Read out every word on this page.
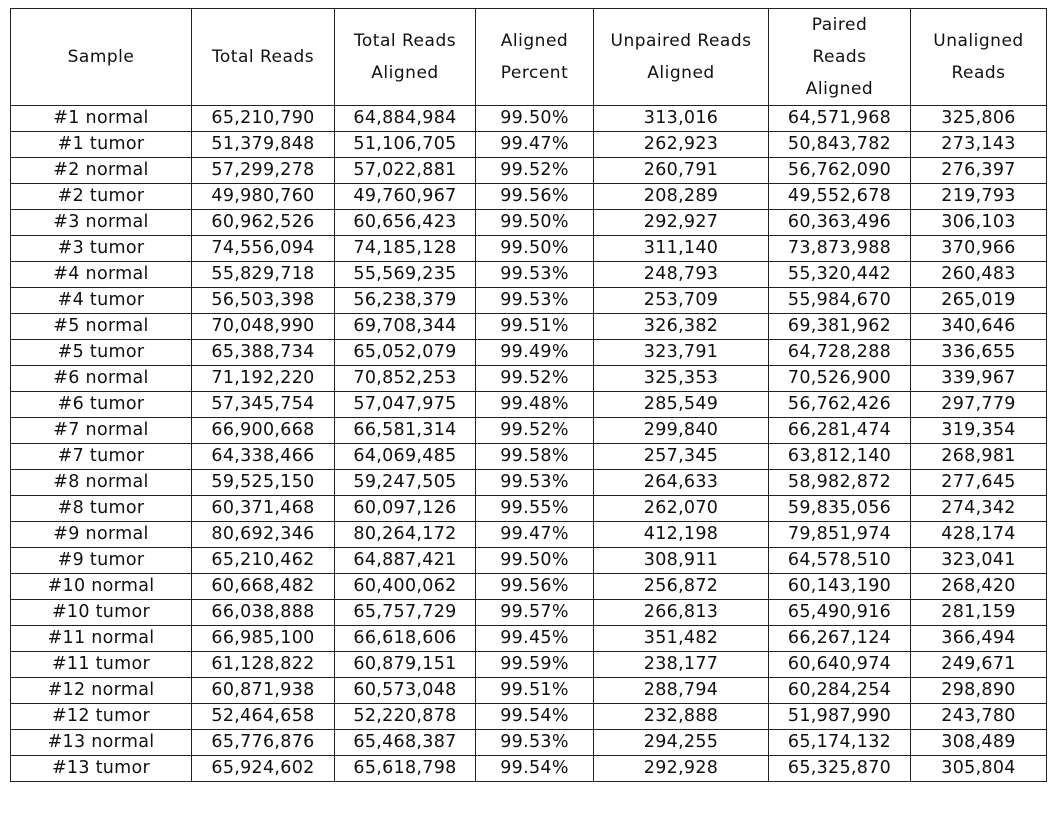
Sample	Total Reads	Total Reads Aligned	Aligned Percent	Unpaired Reads Aligned	Paired Reads Aligned	Unaligned Reads
#1 normal	65,210,790	64,884,984	99.50%	313,016	64,571,968	325,806
#1 tumor	51,379,848	51,106,705	99.47%	262,923	50,843,782	273,143
#2 normal	57,299,278	57,022,881	99.52%	260,791	56,762,090	276,397
#2 tumor	49,980,760	49,760,967	99.56%	208,289	49,552,678	219,793
#3 normal	60,962,526	60,656,423	99.50%	292,927	60,363,496	306,103
#3 tumor	74,556,094	74,185,128	99.50%	311,140	73,873,988	370,966
#4 normal	55,829,718	55,569,235	99.53%	248,793	55,320,442	260,483
#4 tumor	56,503,398	56,238,379	99.53%	253,709	55,984,670	265,019
#5 normal	70,048,990	69,708,344	99.51%	326,382	69,381,962	340,646
#5 tumor	65,388,734	65,052,079	99.49%	323,791	64,728,288	336,655
#6 normal	71,192,220	70,852,253	99.52%	325,353	70,526,900	339,967
#6 tumor	57,345,754	57,047,975	99.48%	285,549	56,762,426	297,779
#7 normal	66,900,668	66,581,314	99.52%	299,840	66,281,474	319,354
#7 tumor	64,338,466	64,069,485	99.58%	257,345	63,812,140	268,981
#8 normal	59,525,150	59,247,505	99.53%	264,633	58,982,872	277,645
#8 tumor	60,371,468	60,097,126	99.55%	262,070	59,835,056	274,342
#9 normal	80,692,346	80,264,172	99.47%	412,198	79,851,974	428,174
#9 tumor	65,210,462	64,887,421	99.50%	308,911	64,578,510	323,041
#10 normal	60,668,482	60,400,062	99.56%	256,872	60,143,190	268,420
#10 tumor	66,038,888	65,757,729	99.57%	266,813	65,490,916	281,159
#11 normal	66,985,100	66,618,606	99.45%	351,482	66,267,124	366,494
#11 tumor	61,128,822	60,879,151	99.59%	238,177	60,640,974	249,671
#12 normal	60,871,938	60,573,048	99.51%	288,794	60,284,254	298,890
#12 tumor	52,464,658	52,220,878	99.54%	232,888	51,987,990	243,780
#13 normal	65,776,876	65,468,387	99.53%	294,255	65,174,132	308,489
#13 tumor	65,924,602	65,618,798	99.54%	292,928	65,325,870	305,804
